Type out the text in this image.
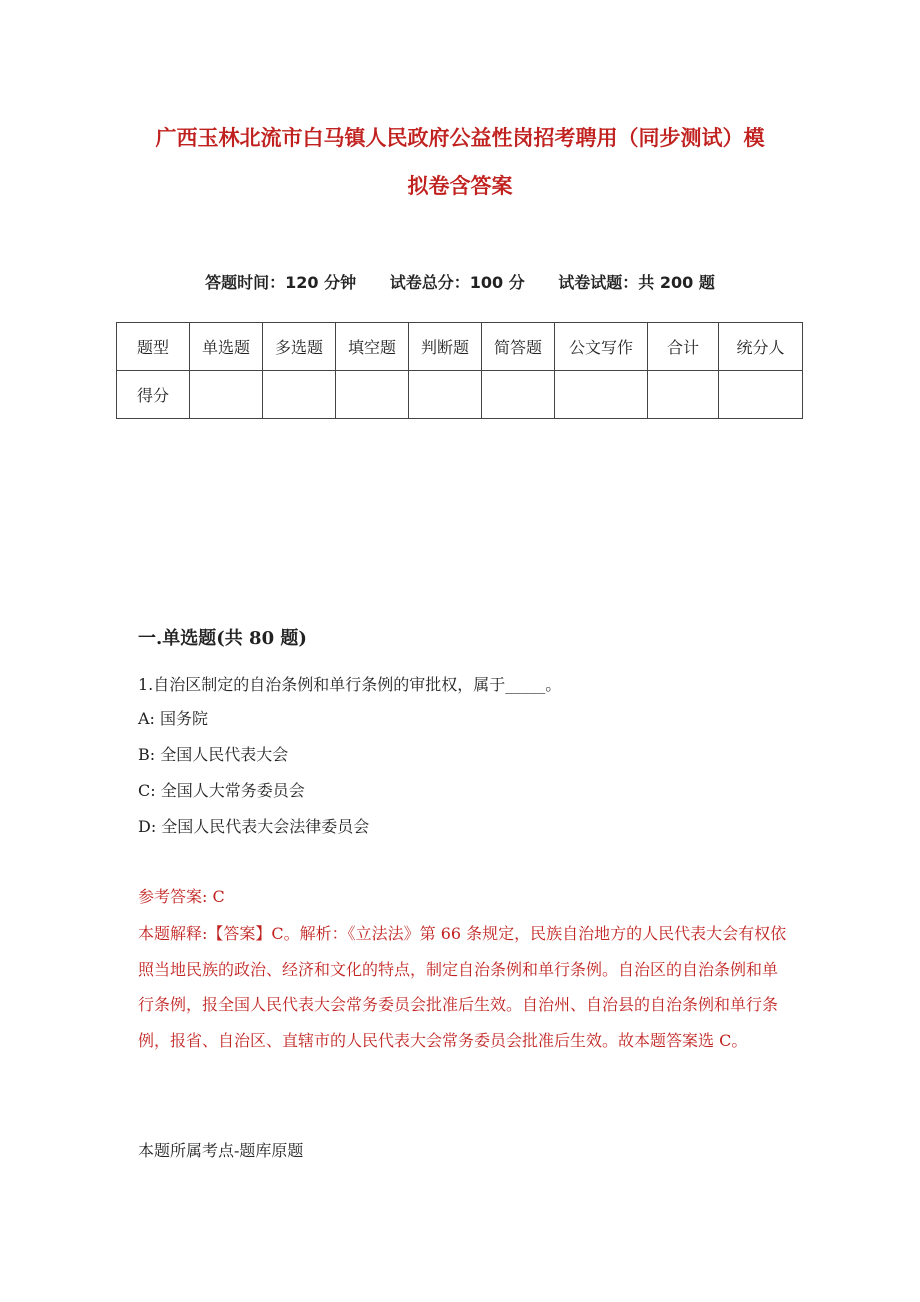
广西玉林北流市白马镇人民政府公益性岗招考聘用（同步测试）模
拟卷含答案
答题时间：120 分钟 试卷总分：100 分 试卷试题：共 200 题
题型	单选题	多选题	填空题	判断题	简答题	公文写作	合计	统分人
得分								
一.单选题(共 80 题)
1.自治区制定的自治条例和单行条例的审批权，属于_____。
A: 国务院
B: 全国人民代表大会
C: 全国人大常务委员会
D: 全国人民代表大会法律委员会
参考答案: C
本题解释:【答案】C。解析：《立法法》第 66 条规定，民族自治地方的人民代表大会有权依照当地民族的政治、经济和文化的特点，制定自治条例和单行条例。自治区的自治条例和单行条例，报全国人民代表大会常务委员会批准后生效。自治州、自治县的自治条例和单行条例，报省、自治区、直辖市的人民代表大会常务委员会批准后生效。故本题答案选 C。
本题所属考点-题库原题
